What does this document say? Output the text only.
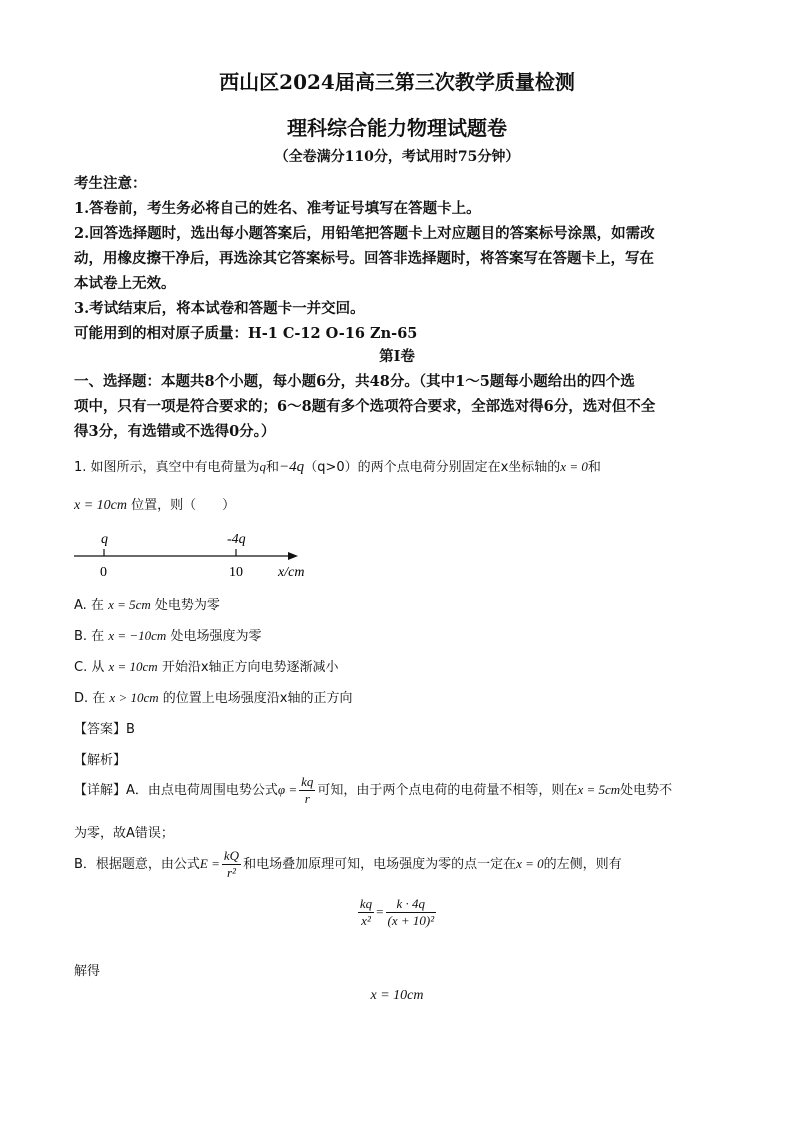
西山区2024届高三第三次教学质量检测
理科综合能力物理试题卷
（全卷满分110分，考试用时75分钟）
考生注意：
1.答卷前，考生务必将自己的姓名、准考证号填写在答题卡上。
2.回答选择题时，选出每小题答案后，用铅笔把答题卡上对应题目的答案标号涂黑，如需改
动，用橡皮擦干净后，再选涂其它答案标号。回答非选择题时，将答案写在答题卡上，写在
本试卷上无效。
3.考试结束后，将本试卷和答题卡一并交回。
可能用到的相对原子质量：H-1 C-12 O-16 Zn-65
第Ⅰ卷
一、选择题：本题共8个小题，每小题6分，共48分。（其中1～5题每小题给出的四个选
项中，只有一项是符合要求的；6～8题有多个选项符合要求，全部选对得6分，选对但不全
得3分，有选错或不选得0分。）
1. 如图所示，真空中有电荷量为q和−4q（q>0）的两个点电荷分别固定在x坐标轴的x = 0和
x = 10cm 位置，则（　　）
q	-4q
0	10	x/cm
A. 在 x = 5cm 处电势为零
B. 在 x = −10cm 处电场强度为零
C. 从 x = 10cm 开始沿x轴正方向电势逐渐减小
D. 在 x > 10cm 的位置上电场强度沿x轴的正方向
【答案】B
【解析】
【详解】A．由点电荷周围电势公式$\varphi = \frac{kq}{r}$ 可知，由于两个点电荷的电荷量不相等，则在x = 5cm处电势不
为零，故A错误；
B．根据题意，由公式$E = \frac{kQ}{\text{r²}}$ 和电场叠加原理可知，电场强度为零的点一定在x = 0的左侧，则有
$\frac{kq}{\text{x²}} = \frac{k \cdot 4q}{\text{(x + 10)²}}$
解得
x = 10cm
